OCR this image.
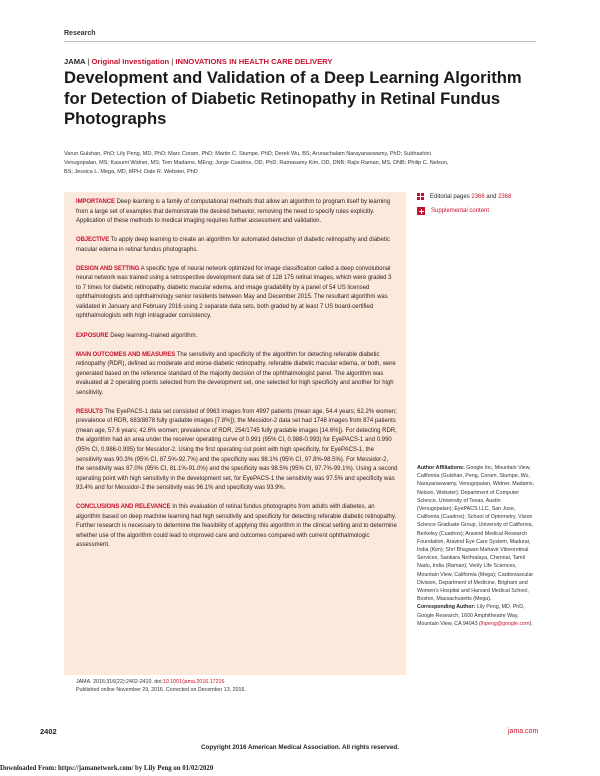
Research
JAMA | Original Investigation | INNOVATIONS IN HEALTH CARE DELIVERY
Development and Validation of a Deep Learning Algorithm for Detection of Diabetic Retinopathy in Retinal Fundus Photographs
Varun Gulshan, PhD; Lily Peng, MD, PhD; Marc Coram, PhD; Martin C. Stumpe, PhD; Derek Wu, BS; Arunachalam Narayanaswamy, PhD; Subhashini Venugopalan, MS; Kasumi Widner, MS; Tom Madams, MEng; Jorge Cuadros, OD, PhD; Ramasamy Kim, OD, DNB; Rajiv Raman, MS, DNB; Philip C. Nelson, BS; Jessica L. Mega, MD, MPH; Dale R. Webster, PhD
Editorial pages
2366
and
2368
Supplemental content

IMPORTANCE Deep learning is a family of computational methods that allow an algorithm to program itself by learning from a large set of examples that demonstrate the desired behavior, removing the need to specify rules explicitly. Application of these methods to medical imaging requires further assessment and validation.

OBJECTIVE To apply deep learning to create an algorithm for automated detection of diabetic retinopathy and diabetic macular edema in retinal fundus photographs.

DESIGN AND SETTING A specific type of neural network optimized for image classification called a deep convolutional neural network was trained using a retrospective development data set of 128 175 retinal images, which were graded 3 to 7 times for diabetic retinopathy, diabetic macular edema, and image gradability by a panel of 54 US licensed ophthalmologists and ophthalmology senior residents between May and December 2015. The resultant algorithm was validated in January and February 2016 using 2 separate data sets, both graded by at least 7 US board-certified ophthalmologists with high intragrader consistency.

EXPOSURE Deep learning–trained algorithm.

MAIN OUTCOMES AND MEASURES The sensitivity and specificity of the algorithm for detecting referable diabetic retinopathy (RDR), defined as moderate and worse diabetic retinopathy, referable diabetic macular edema, or both, were generated based on the reference standard of the majority decision of the ophthalmologist panel. The algorithm was evaluated at 2 operating points selected from the development set, one selected for high specificity and another for high sensitivity.

RESULTS The EyePACS-1 data set consisted of 9963 images from 4997 patients (mean age, 54.4 years; 62.2% women; prevalence of RDR, 683/8878 fully gradable images [7.8%]); the Messidor-2 data set had 1748 images from 874 patients (mean age, 57.6 years; 42.6% women; prevalence of RDR, 254/1745 fully gradable images [14.6%]). For detecting RDR, the algorithm had an area under the receiver operating curve of 0.991 (95% CI, 0.988-0.993) for EyePACS-1 and 0.990 (95% CI, 0.986-0.995) for Messidor-2. Using the first operating cut point with high specificity, for EyePACS-1, the sensitivity was 90.3% (95% CI, 87.5%-92.7%) and the specificity was 98.1% (95% CI, 97.8%-98.5%). For Messidor-2, the sensitivity was 87.0% (95% CI, 81.1%-91.0%) and the specificity was 98.5% (95% CI, 97.7%-99.1%). Using a second operating point with high sensitivity in the development set, for EyePACS-1 the sensitivity was 97.5% and specificity was 93.4% and for Messidor-2 the sensitivity was 96.1% and specificity was 93.9%.

CONCLUSIONS AND RELEVANCE In this evaluation of retinal fundus photographs from adults with diabetes, an algorithm based on deep machine learning had high sensitivity and specificity for detecting referable diabetic retinopathy. Further research is necessary to determine the feasibility of applying this algorithm in the clinical setting and to determine whether use of the algorithm could lead to improved care and outcomes compared with current ophthalmologic assessment.

JAMA. 2016;316(22):2402-2410. doi:10.1001/jama.2016.17216
Published online November 29, 2016. Corrected on December 13, 2016.
Author Affiliations: Google Inc, Mountain View, California (Gulshan, Peng, Coram, Stumpe, Wu, Narayanaswamy, Venugopalan, Widner, Madams, Nelson, Webster); Department of Computer Science, University of Texas, Austin (Venugopalan); EyePACS LLC, San Jose, California (Cuadros); School of Optometry, Vision Science Graduate Group, University of California, Berkeley (Cuadros); Aravind Medical Research Foundation, Aravind Eye Care System, Madurai, India (Kim); Shri Bhagwan Mahavir Vitreoretinal Services, Sankara Nethralaya, Chennai, Tamil Nadu, India (Raman); Verily Life Sciences, Mountain View, California (Mega); Cardiovascular Division, Department of Medicine, Brigham and Women's Hospital and Harvard Medical School, Boston, Massachusetts (Mega).
Corresponding Author: Lily Peng, MD, PhD, Google Research, 1600 Amphitheatre Way, Mountain View, CA 94043 (lhpeng@google.com).
2402	jama.com
Copyright 2016 American Medical Association. All rights reserved.
Downloaded From: https://jamanetwork.com/ by Lily Peng on 01/02/2020
